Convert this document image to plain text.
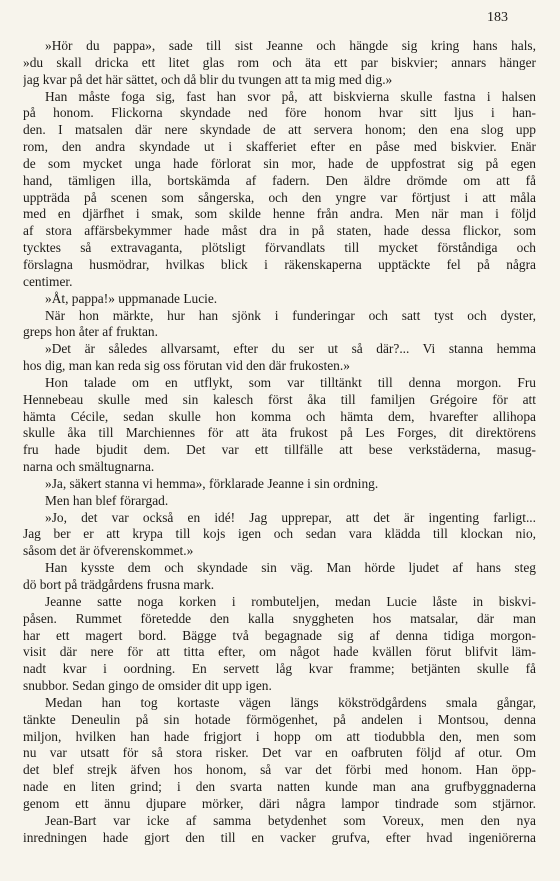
183
»Hör du pappa», sade till sist Jeanne och hängde sig kring hans hals,
»du skall dricka ett litet glas rom och äta ett par biskvier; annars hänger
jag kvar på det här sättet, och då blir du tvungen att ta mig med dig.»
Han måste foga sig, fast han svor på, att biskvierna skulle fastna i halsen
på honom. Flickorna skyndade ned före honom hvar sitt ljus i han-
den. I matsalen där nere skyndade de att servera honom; den ena slog upp
rom, den andra skyndade ut i skafferiet efter en påse med biskvier. Enär
de som mycket unga hade förlorat sin mor, hade de uppfostrat sig på egen
hand, tämligen illa, bortskämda af fadern. Den äldre drömde om att få
uppträda på scenen som sångerska, och den yngre var förtjust i att måla
med en djärfhet i smak, som skilde henne från andra. Men när man i följd
af stora affärsbekymmer hade måst dra in på staten, hade dessa flickor, som
tycktes så extravaganta, plötsligt förvandlats till mycket förståndiga och
förslagna husmödrar, hvilkas blick i räkenskaperna upptäckte fel på några
centimer.
»Åt, pappa!» uppmanade Lucie.
När hon märkte, hur han sjönk i funderingar och satt tyst och dyster,
greps hon åter af fruktan.
»Det är således allvarsamt, efter du ser ut så där?... Vi stanna hemma
hos dig, man kan reda sig oss förutan vid den där frukosten.»
Hon talade om en utflykt, som var tilltänkt till denna morgon. Fru
Hennebeau skulle med sin kalesch först åka till familjen Grégoire för att
hämta Cécile, sedan skulle hon komma och hämta dem, hvarefter allihopa
skulle åka till Marchiennes för att äta frukost på Les Forges, dit direktörens
fru hade bjudit dem. Det var ett tillfälle att bese verkstäderna, masug-
narna och smältugnarna.
»Ja, säkert stanna vi hemma», förklarade Jeanne i sin ordning.
Men han blef förargad.
»Jo, det var också en idé! Jag upprepar, att det är ingenting farligt...
Jag ber er att krypa till kojs igen och sedan vara klädda till klockan nio,
såsom det är öfverenskommet.»
Han kysste dem och skyndade sin väg. Man hörde ljudet af hans steg
dö bort på trädgårdens frusna mark.
Jeanne satte noga korken i rombuteljen, medan Lucie låste in biskvi-
påsen. Rummet företedde den kalla snyggheten hos matsalar, där man
har ett magert bord. Bägge två begagnade sig af denna tidiga morgon-
visit där nere för att titta efter, om något hade kvällen förut blifvit läm-
nadt kvar i oordning. En servett låg kvar framme; betjänten skulle få
snubbor. Sedan gingo de omsider dit upp igen.
Medan han tog kortaste vägen längs kökströdgårdens smala gångar,
tänkte Deneulin på sin hotade förmögenhet, på andelen i Montsou, denna
miljon, hvilken han hade frigjort i hopp om att tiodubbla den, men som
nu var utsatt för så stora risker. Det var en oafbruten följd af otur. Om
det blef strejk äfven hos honom, så var det förbi med honom. Han öpp-
nade en liten grind; i den svarta natten kunde man ana grufbyggnaderna
genom ett ännu djupare mörker, däri några lampor tindrade som stjärnor.
Jean-Bart var icke af samma betydenhet som Voreux, men den nya
inredningen hade gjort den till en vacker grufva, efter hvad ingeniörerna
